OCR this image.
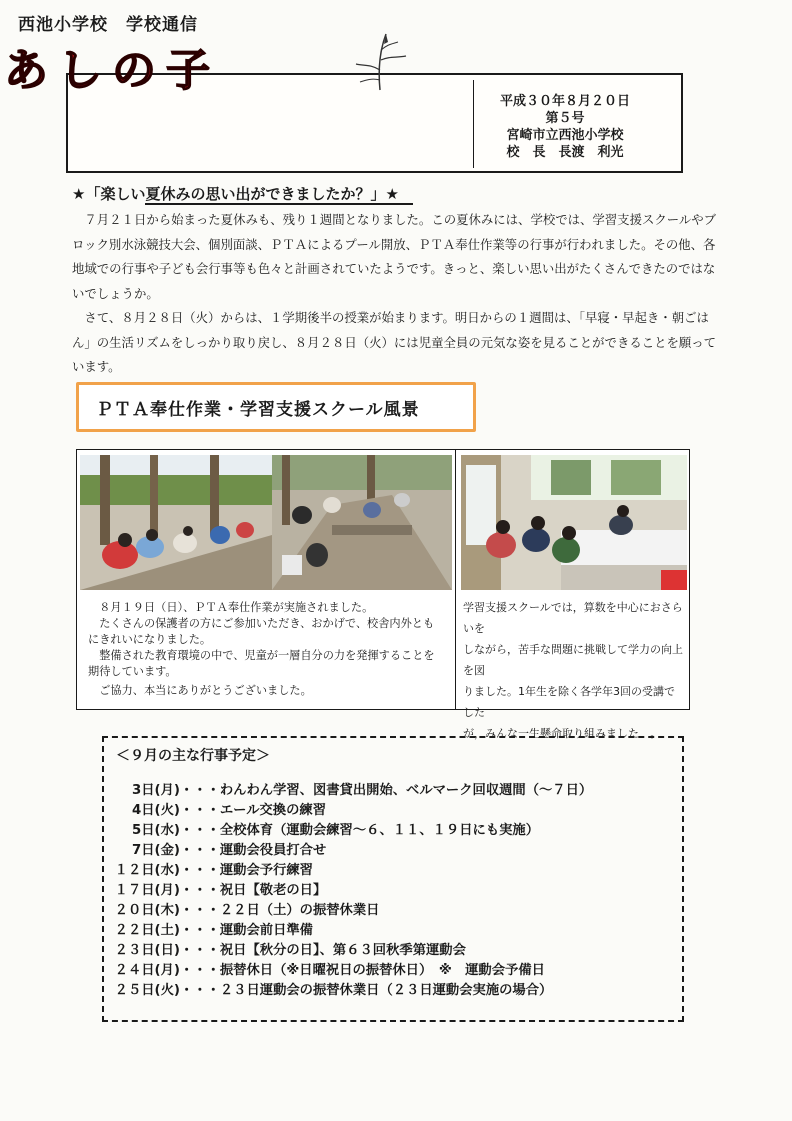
西池小学校　学校通信
あしの子
平成３０年８月２０日
第５号
宮崎市立西池小学校
校　長　長渡　利光
★「楽しい夏休みの思い出ができましたか？」★
　７月２１日から始まった夏休みも、残り１週間となりました。この夏休みには、学校では、学習支援スクールやブロック別水泳競技大会、個別面談、ＰＴＡによるプール開放、ＰＴＡ奉仕作業等の行事が行われました。その他、各地域での行事や子ども会行事等も色々と計画されていたようです。きっと、楽しい思い出がたくさんできたのではないでしょうか。
　さて、８月２８日（火）からは、１学期後半の授業が始まります。明日からの１週間は、「早寝・早起き・朝ごはん」の生活リズムをしっかり取り戻し、８月２８日（火）には児童全員の元気な姿を見ることができることを願っています。
ＰＴＡ奉仕作業・学習支援スクール風景
　８月１９日（日）、ＰＴＡ奉仕作業が実施されました。
　たくさんの保護者の方にご参加いただき、おかげで、校舎内外とも
にきれいになりました。
　整備された教育環境の中で、児童が一層自分の力を発揮することを
期待しています。
　ご協力、本当にありがとうございました。
学習支援スクールでは，算数を中心におさらいを
しながら，苦手な問題に挑戦して学力の向上を図
りました。1年生を除く各学年3回の受講でした
が，みんな一生懸命取り組みました　。
＜９月の主な行事予定＞
3日(月)・・・わんわん学習、図書貸出開始、ベルマーク回収週間（～７日）
4日(火)・・・エール交換の練習
5日(水)・・・全校体育（運動会練習～６、１１、１９日にも実施）
7日(金)・・・運動会役員打合せ
１２日(水)・・・運動会予行練習
１７日(月)・・・祝日【敬老の日】
２０日(木)・・・２２日（土）の振替休業日
２２日(土)・・・運動会前日準備
２３日(日)・・・祝日【秋分の日】、第６３回秋季第運動会
２４日(月)・・・振替休日（※日曜祝日の振替休日）　※　運動会予備日
２５日(火)・・・２３日運動会の振替休業日（２３日運動会実施の場合）
